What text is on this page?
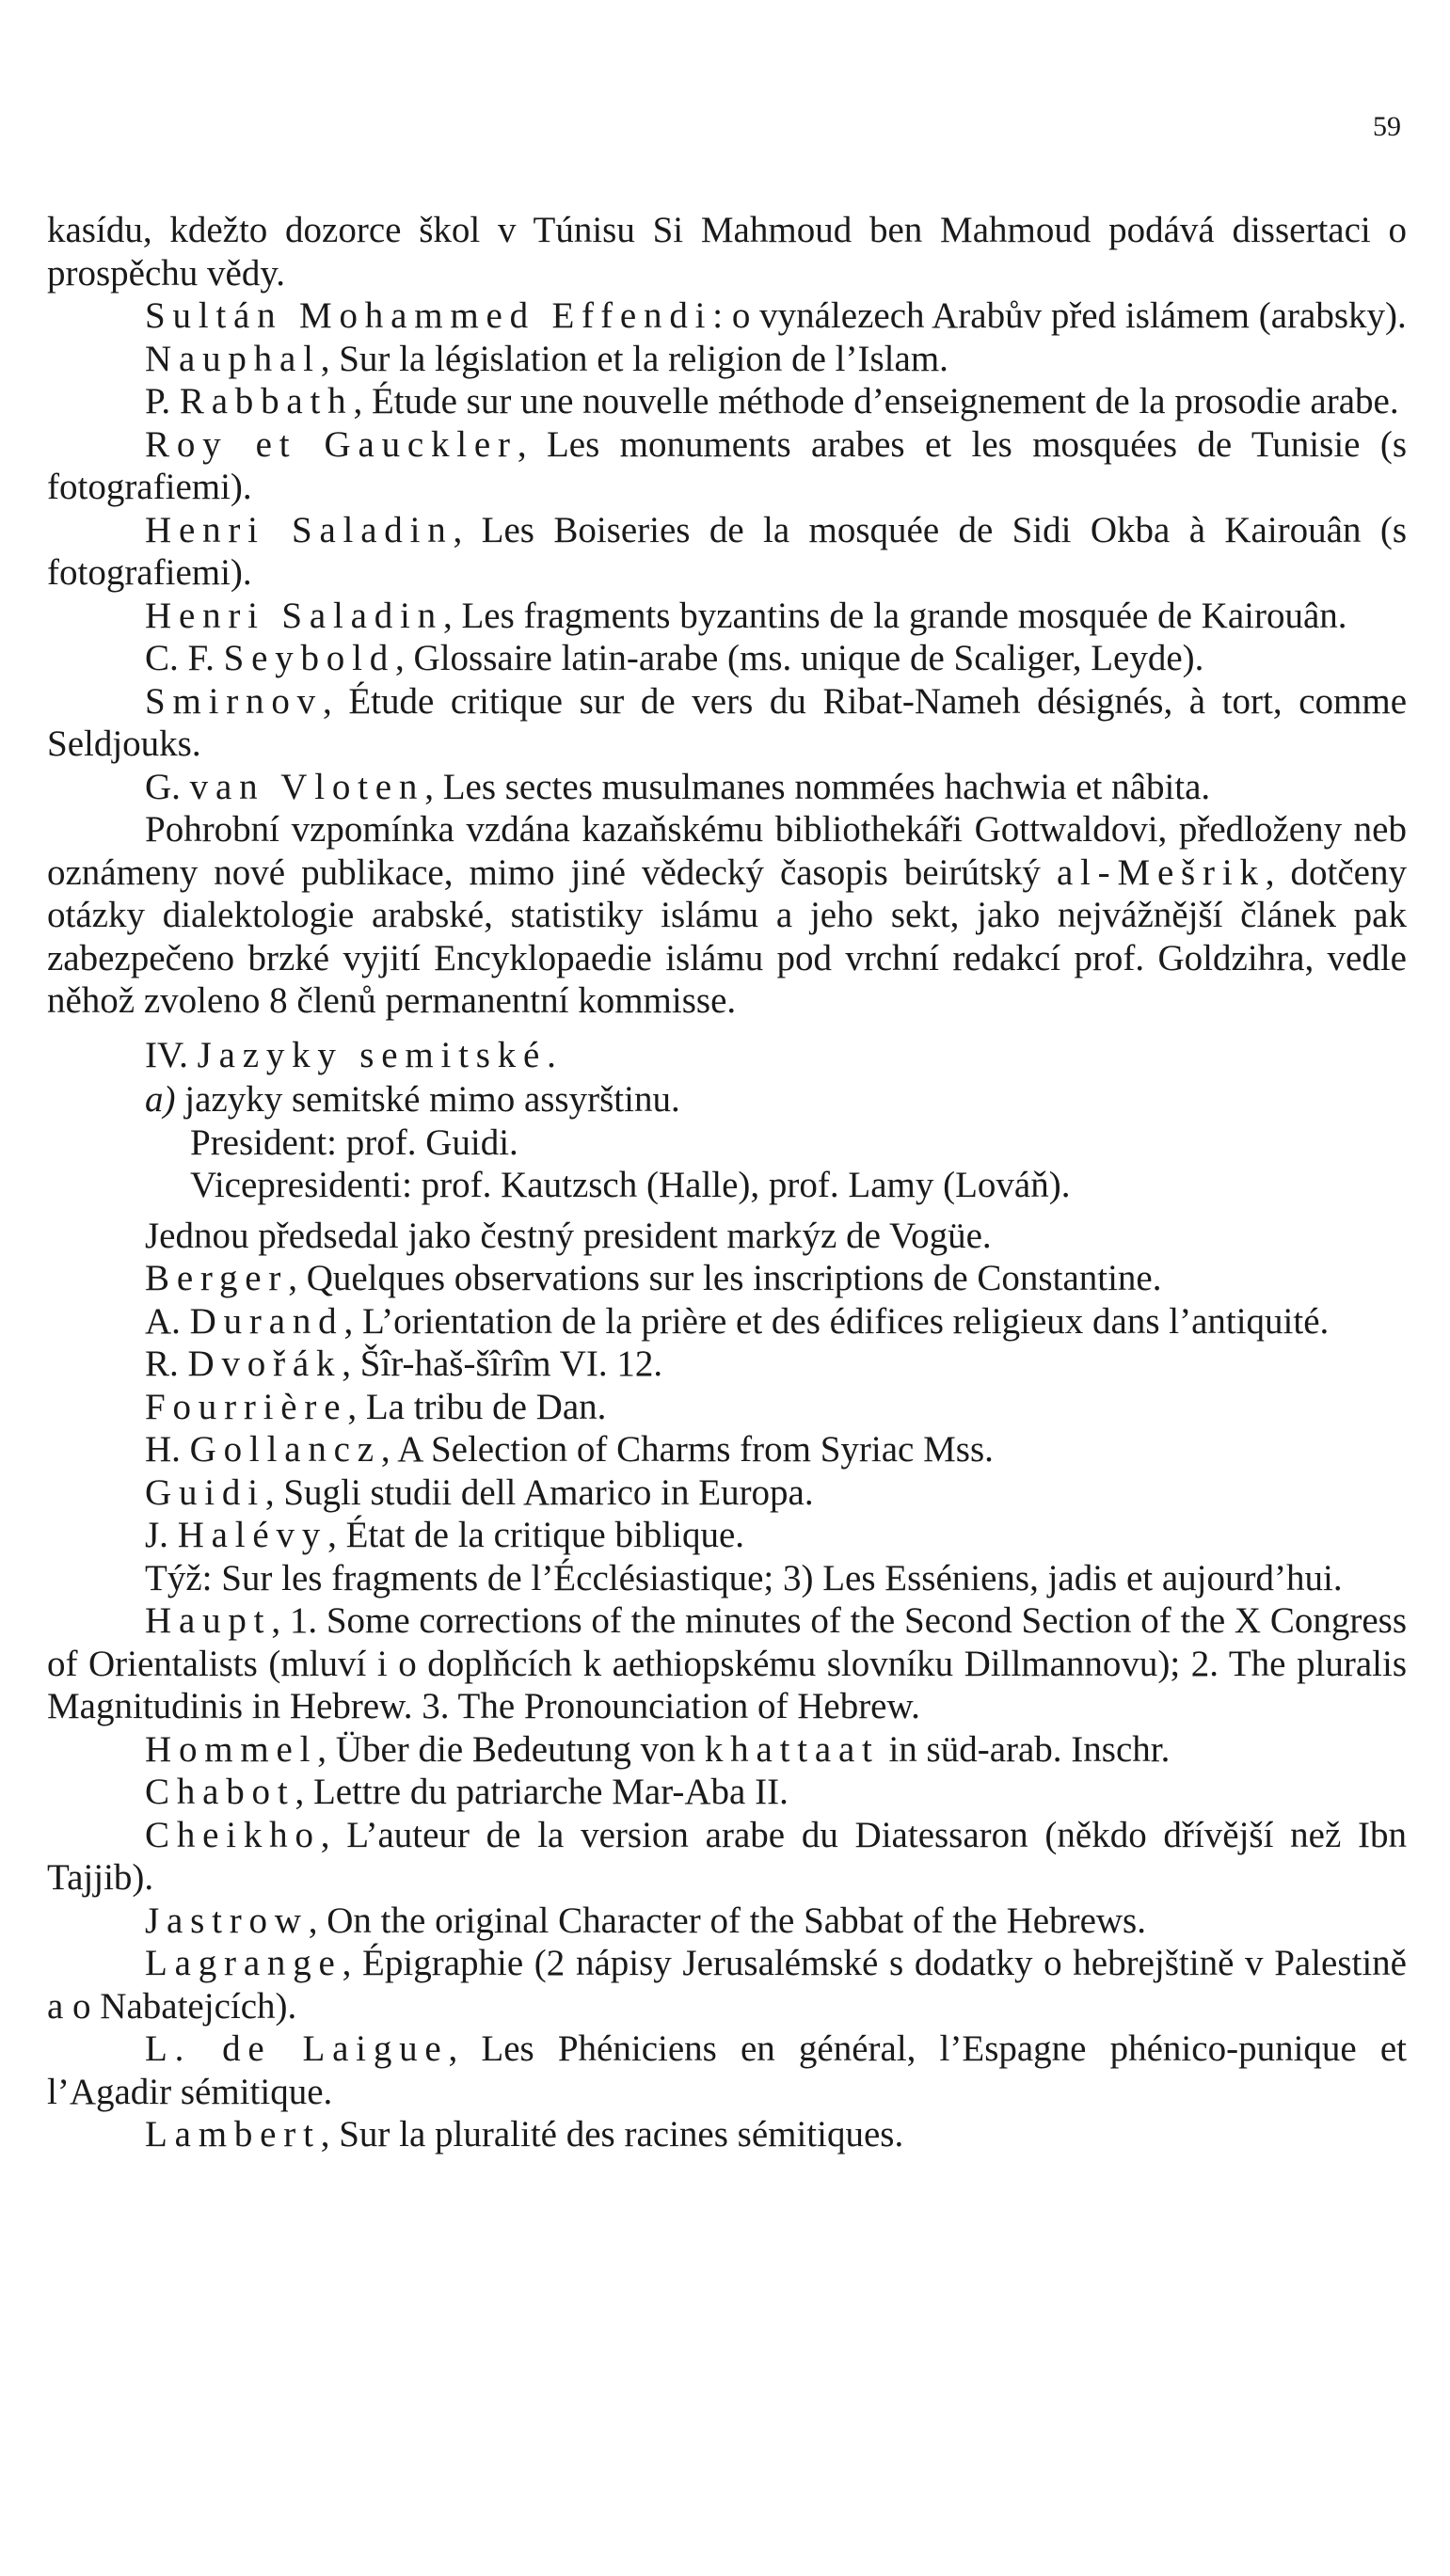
59

kasídu, kdežto dozorce škol v Túnisu Si Mahmoud ben Mahmoud podává dissertaci o prospěchu vědy.

Sultán Mohammed Effendi: o vynálezech Arabův před islámem (arabsky).

Nauphal, Sur la législation et la religion de l’Islam.

P. Rabbath, Étude sur une nouvelle méthode d’enseignement de la prosodie arabe.

Roy et Gauckler, Les monuments arabes et les mosquées de Tunisie (s fotografiemi).

Henri Saladin, Les Boiseries de la mosquée de Sidi Okba à Kairouân (s fotografiemi).

Henri Saladin, Les fragments byzantins de la grande mosquée de Kairouân.

C. F. Seybold, Glossaire latin-arabe (ms. unique de Scaliger, Leyde).

Smirnov, Étude critique sur de vers du Ribat-Nameh désignés, à tort, comme Seldjouks.

G. van Vloten, Les sectes musulmanes nommées hachwia et nâbita.

Pohrobní vzpomínka vzdána kazaňskému bibliothekáři Gottwaldovi, předloženy neb oznámeny nové publikace, mimo jiné vědecký časopis beirútský al-Mešrik, dotčeny otázky dialektologie arabské, statistiky islámu a jeho sekt, jako nejvážnější článek pak zabezpečeno brzké vyjití Encyklopaedie islámu pod vrchní redakcí prof. Goldzihra, vedle něhož zvoleno 8 členů permanentní kommisse.

IV. Jazyky semitské.

a) jazyky semitské mimo assyrštinu.

President: prof. Guidi.

Vicepresidenti: prof. Kautzsch (Halle), prof. Lamy (Lováň).

Jednou předsedal jako čestný president markýz de Vogüe.

Berger, Quelques observations sur les inscriptions de Constantine.

A. Durand, L’orientation de la prière et des édifices religieux dans l’antiquité.

R. Dvořák, Šîr-haš-šîrîm VI. 12.

Fourrière, La tribu de Dan.

H. Gollancz, A Selection of Charms from Syriac Mss.

Guidi, Sugli studii dell Amarico in Europa.

J. Halévy, État de la critique biblique.

Týž: Sur les fragments de l’Écclésiastique; 3) Les Esséniens, jadis et aujourd’hui.

Haupt, 1. Some corrections of the minutes of the Second Section of the X Congress of Orientalists (mluví i o doplňcích k aethiopskému slovníku Dillmannovu); 2. The pluralis Magnitudinis in Hebrew. 3. The Pronounciation of Hebrew.

Hommel, Über die Bedeutung von khattaat in süd-arab. Inschr.

Chabot, Lettre du patriarche Mar-Aba II.

Cheikho, L’auteur de la version arabe du Diatessaron (někdo dřívější než Ibn Tajjib).

Jastrow, On the original Character of the Sabbat of the Hebrews.

Lagrange, Épigraphie (2 nápisy Jerusalémské s dodatky o hebrejštině v Palestině a o Nabatejcích).

L. de Laigue, Les Phéniciens en général, l’Espagne phénico-punique et l’Agadir sémitique.

Lambert, Sur la pluralité des racines sémitiques.
